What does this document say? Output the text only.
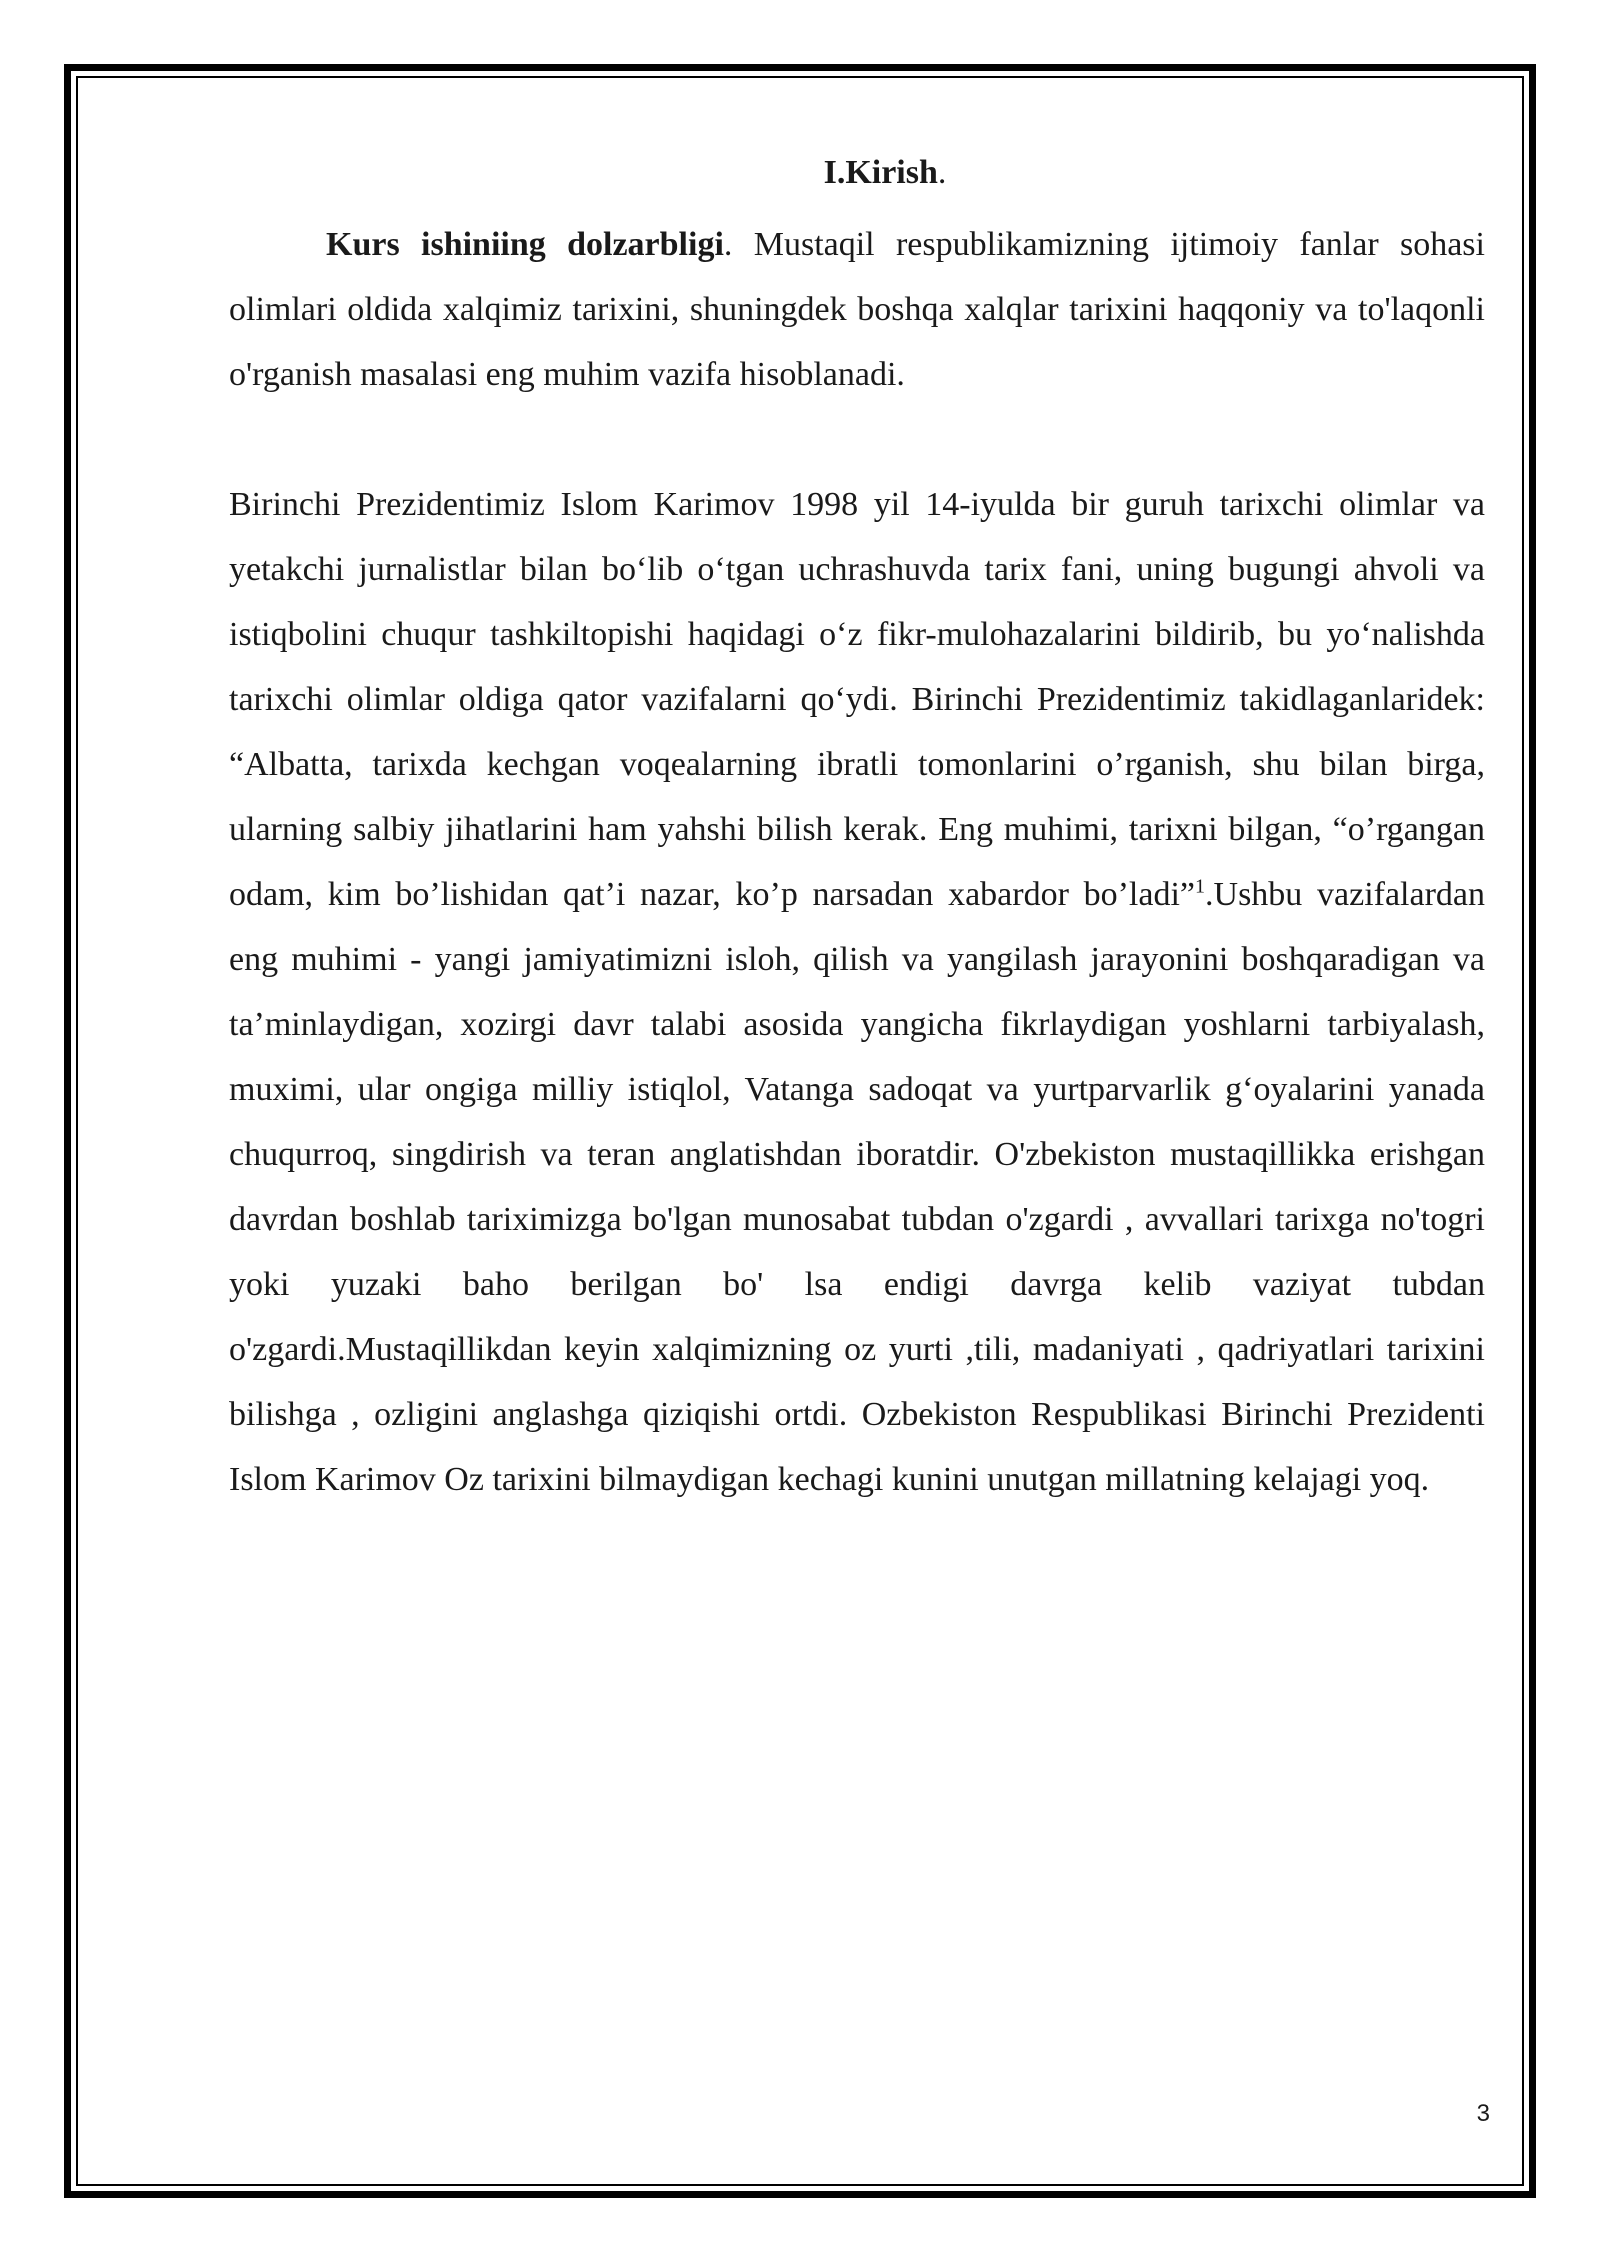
I.Kirish.

Kurs ishiniing dolzarbligi. Mustaqil respublikamizning ijtimoiy fanlar sohasi olimlari oldida xalqimiz tarixini, shuningdek boshqa xalqlar tarixini haqqoniy va to'laqonli o'rganish masalasi eng muhim vazifa hisoblanadi.

Birinchi Prezidentimiz Islom Karimov 1998 yil 14-iyulda bir guruh tarixchi olimlar va yetakchi jurnalistlar bilan bo‘lib o‘tgan uchrashuvda tarix fani, uning bugungi ahvoli va istiqbolini chuqur tashkiltopishi haqidagi o‘z fikr-mulohazalarini bildirib, bu yo‘nalishda tarixchi olimlar oldiga qator vazifalarni qo‘ydi. Birinchi Prezidentimiz takidlaganlaridek: “Albatta, tarixda kechgan voqealarning ibratli tomonlarini o’rganish, shu bilan birga, ularning salbiy jihatlarini ham yahshi bilish kerak. Eng muhimi, tarixni bilgan, “o’rgangan odam, kim bo’lishidan qat’i nazar, ko’p narsadan xabardor bo’ladi”$^1$.Ushbu vazifalardan eng muhimi - yangi jamiyatimizni isloh, qilish va yangilash jarayonini boshqaradigan va ta’minlaydigan, xozirgi davr talabi asosida yangicha fikrlaydigan yoshlarni tarbiyalash, muximi, ular ongiga milliy istiqlol, Vatanga sadoqat va yurtparvarlik g‘oyalarini yanada chuqurroq, singdirish va teran anglatishdan iboratdir. O'zbekiston mustaqillikka erishgan davrdan boshlab tariximizga bo'lgan munosabat tubdan o'zgardi , avvallari tarixga no'togri yoki yuzaki baho berilgan bo' lsa endigi davrga kelib vaziyat tubdan o'zgardi.Mustaqillikdan keyin xalqimizning oz yurti ,tili, madaniyati , qadriyatlari tarixini bilishga , ozligini anglashga qiziqishi ortdi. Ozbekiston Respublikasi Birinchi Prezidenti Islom Karimov Oz tarixini bilmaydigan kechagi kunini unutgan millatning kelajagi yoq.

3
